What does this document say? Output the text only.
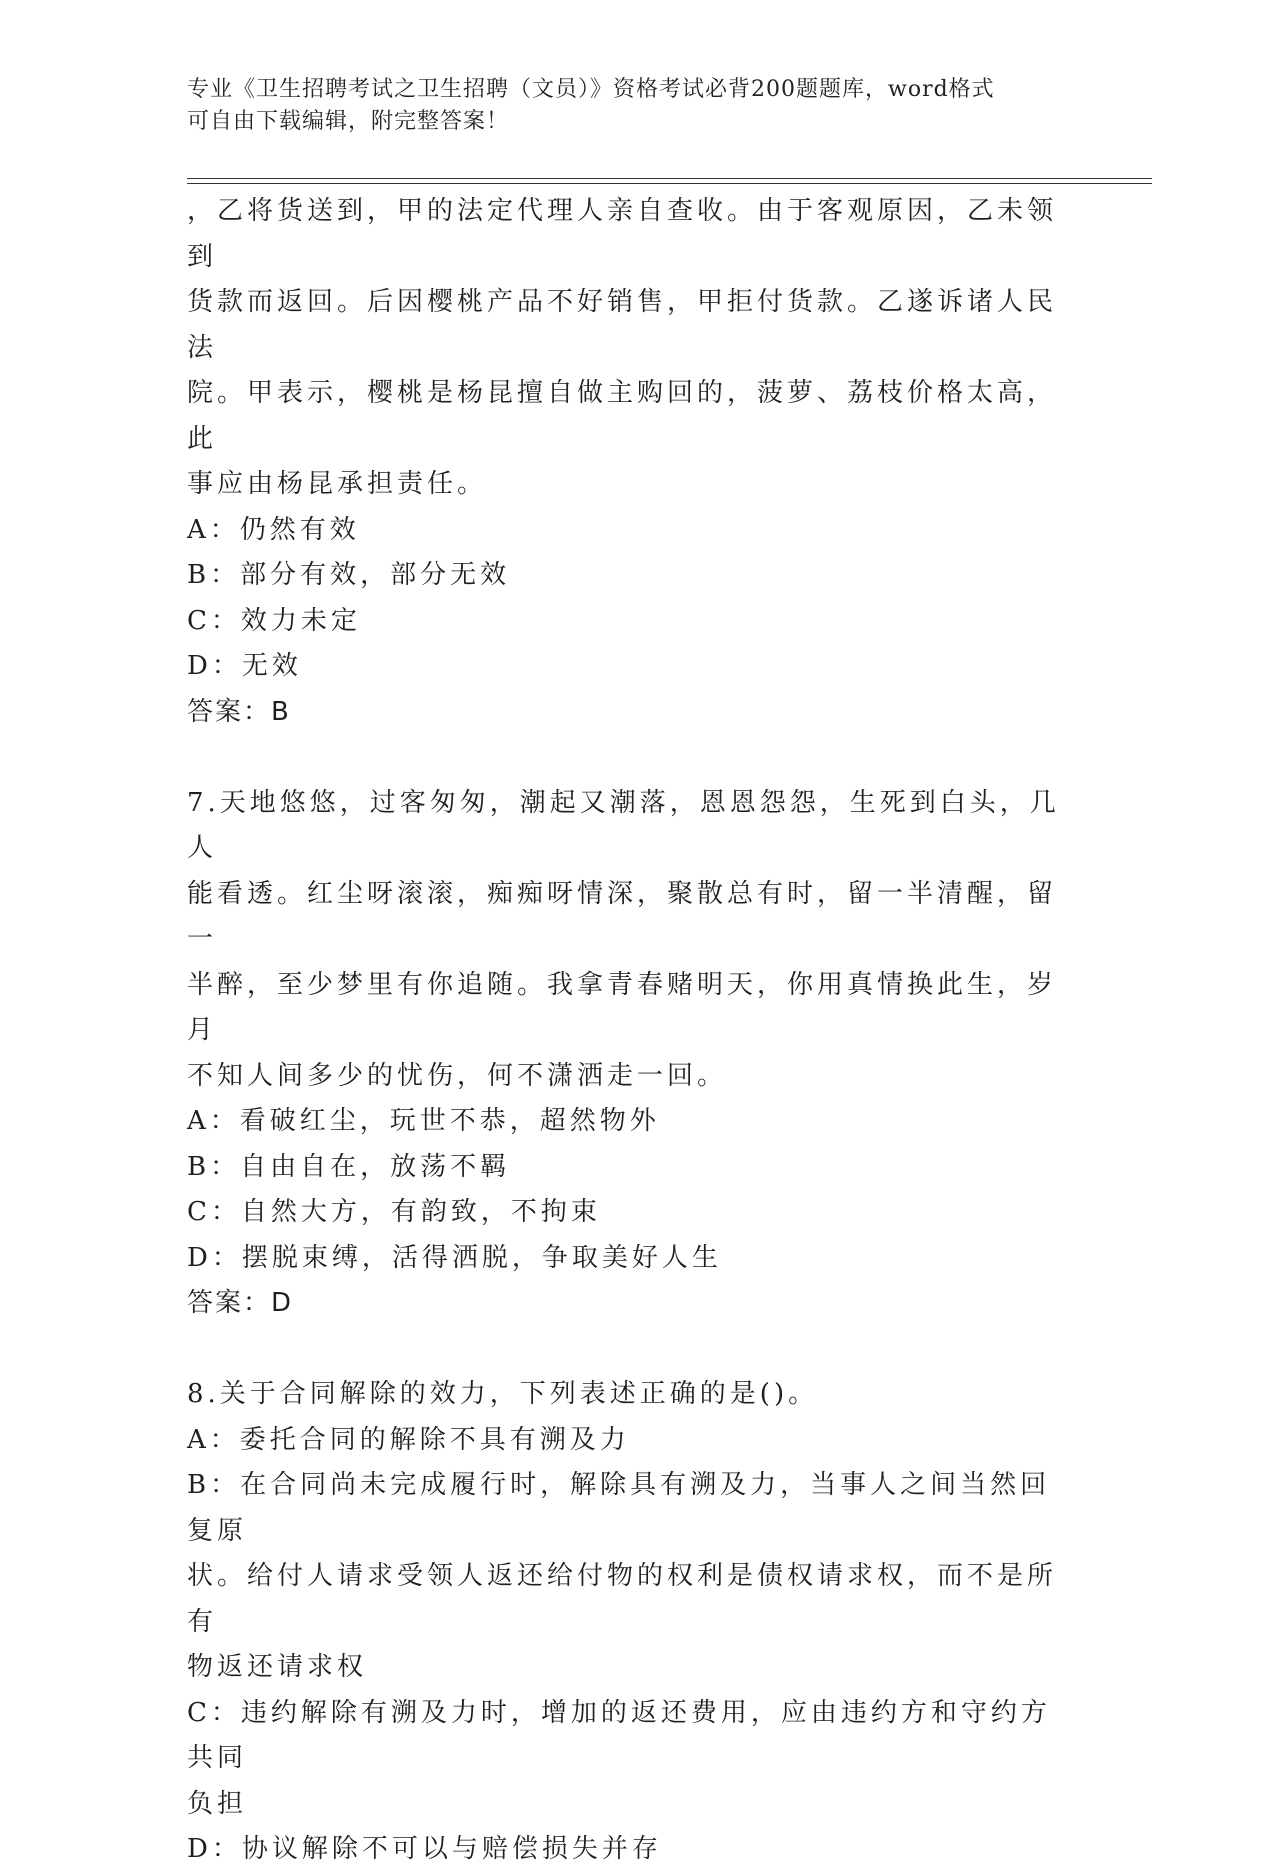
专业《卫生招聘考试之卫生招聘（文员）》资格考试必背200题题库，word格式
可自由下载编辑，附完整答案！

，乙将货送到，甲的法定代理人亲自查收。由于客观原因，乙未领到

货款而返回。后因樱桃产品不好销售，甲拒付货款。乙遂诉诸人民法

院。甲表示，樱桃是杨昆擅自做主购回的，菠萝、荔枝价格太高，此

事应由杨昆承担责任。

A：仍然有效

B：部分有效，部分无效

C：效力未定

D：无效

答案：B

7.天地悠悠，过客匆匆，潮起又潮落，恩恩怨怨，生死到白头，几人

能看透。红尘呀滚滚，痴痴呀情深，聚散总有时，留一半清醒，留一

半醉，至少梦里有你追随。我拿青春赌明天，你用真情换此生，岁月

不知人间多少的忧伤，何不潇洒走一回。

A：看破红尘，玩世不恭，超然物外

B：自由自在，放荡不羁

C：自然大方，有韵致，不拘束

D：摆脱束缚，活得洒脱，争取美好人生

答案：D

8.关于合同解除的效力，下列表述正确的是()。

A：委托合同的解除不具有溯及力

B：在合同尚未完成履行时，解除具有溯及力，当事人之间当然回复原

状。给付人请求受领人返还给付物的权利是债权请求权，而不是所有

物返还请求权

C：违约解除有溯及力时，增加的返还费用，应由违约方和守约方共同

负担

D：协议解除不可以与赔偿损失并存
